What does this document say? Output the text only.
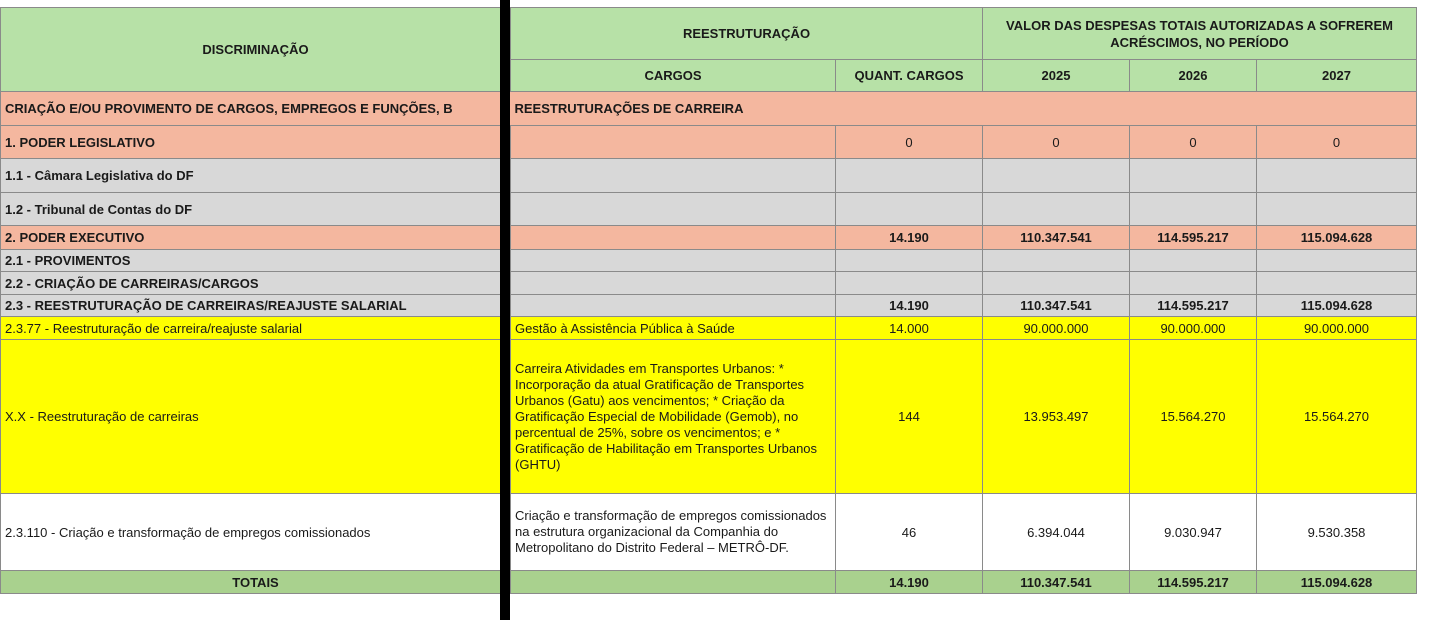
DISCRIMINAÇÃO	REESTRUTURAÇÃO		VALOR DAS DESPESAS TOTAIS AUTORIZADAS A SOFREREM ACRÉSCIMOS, NO PERÍODO		
	CARGOS	QUANT. CARGOS	2025	2026	2027
CRIAÇÃO E/OU PROVIMENTO DE CARGOS, EMPREGOS E FUNÇÕES, B	REESTRUTURAÇÕES DE CARREIRA				
1. PODER LEGISLATIVO		0	0	0	0
1.1 - Câmara Legislativa do DF					
1.2 - Tribunal de Contas do DF					
2. PODER EXECUTIVO		14.190	110.347.541	114.595.217	115.094.628
2.1 - PROVIMENTOS					
2.2 - CRIAÇÃO DE CARREIRAS/CARGOS					
2.3 - REESTRUTURAÇÃO DE CARREIRAS/REAJUSTE SALARIAL		14.190	110.347.541	114.595.217	115.094.628
2.3.77 - Reestruturação de carreira/reajuste salarial	Gestão à Assistência Pública à Saúde	14.000	90.000.000	90.000.000	90.000.000
X.X - Reestruturação de carreiras	Carreira Atividades em Transportes Urbanos: * Incorporação da atual Gratificação de Transportes Urbanos (Gatu) aos vencimentos; * Criação da Gratificação Especial de Mobilidade (Gemob), no percentual de 25%, sobre os vencimentos; e * Gratificação de Habilitação em Transportes Urbanos (GHTU)	144	13.953.497	15.564.270	15.564.270
2.3.110 - Criação e transformação de empregos comissionados	Criação e transformação de empregos comissionados na estrutura organizacional da Companhia do Metropolitano do Distrito Federal – METRÔ-DF.	46	6.394.044	9.030.947	9.530.358
TOTAIS		14.190	110.347.541	114.595.217	115.094.628
